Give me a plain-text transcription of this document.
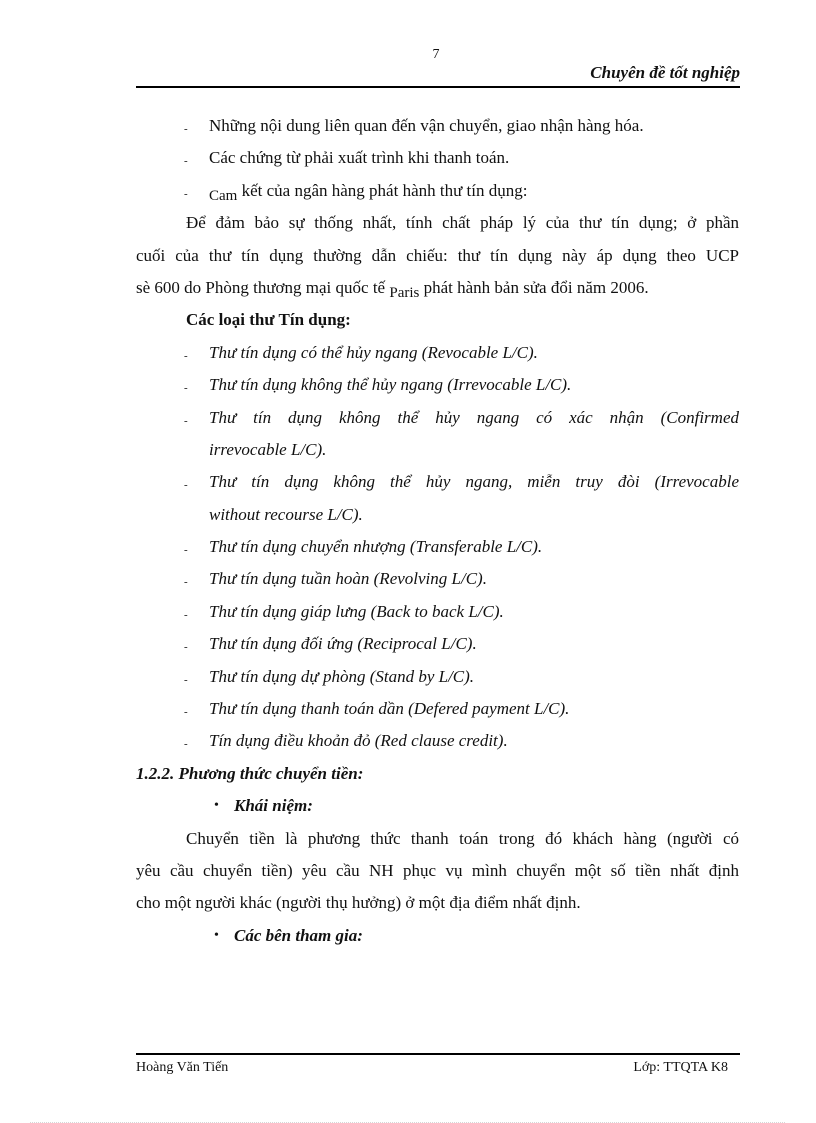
7
Chuyên đề tốt nghiệp
- Những nội dung liên quan đến vận chuyển, giao nhận hàng hóa.
- Các chứng từ phải xuất trình khi thanh toán.
- Cam kết của ngân hàng phát hành thư tín dụng:
Để đảm bảo sự thống nhất, tính chất pháp lý của thư tín dụng; ở phần
cuối của thư tín dụng thường dẫn chiếu: thư tín dụng này áp dụng theo UCP
sè 600 do Phòng thương mại quốc tế Paris phát hành bản sửa đổi năm 2006.
Các loại thư Tín dụng:
- Thư tín dụng có thể hủy ngang (Revocable L/C).
- Thư tín dụng không thể hủy ngang (Irrevocable L/C).
- Thư tín dụng không thể hủy ngang có xác nhận (Confirmed
irrevocable L/C).
- Thư tín dụng không thể hủy ngang, miễn truy đòi (Irrevocable
without recourse L/C).
- Thư tín dụng chuyển nhượng (Transferable L/C).
- Thư tín dụng tuần hoàn (Revolving L/C).
- Thư tín dụng giáp lưng (Back to back L/C).
- Thư tín dụng đối ứng (Reciprocal L/C).
- Thư tín dụng dự phòng (Stand by L/C).
- Thư tín dụng thanh toán dần (Defered payment L/C).
- Tín dụng điều khoản đỏ (Red clause credit).
1.2.2. Phương thức chuyển tiền:
• Khái niệm:
Chuyển tiền là phương thức thanh toán trong đó khách hàng (người có
yêu cầu chuyển tiền) yêu cầu NH phục vụ mình chuyển một số tiền nhất định
cho một người khác (người thụ hưởng) ở một địa điểm nhất định.
• Các bên tham gia:
Hoàng Văn Tiến	Lớp: TTQTA K8
